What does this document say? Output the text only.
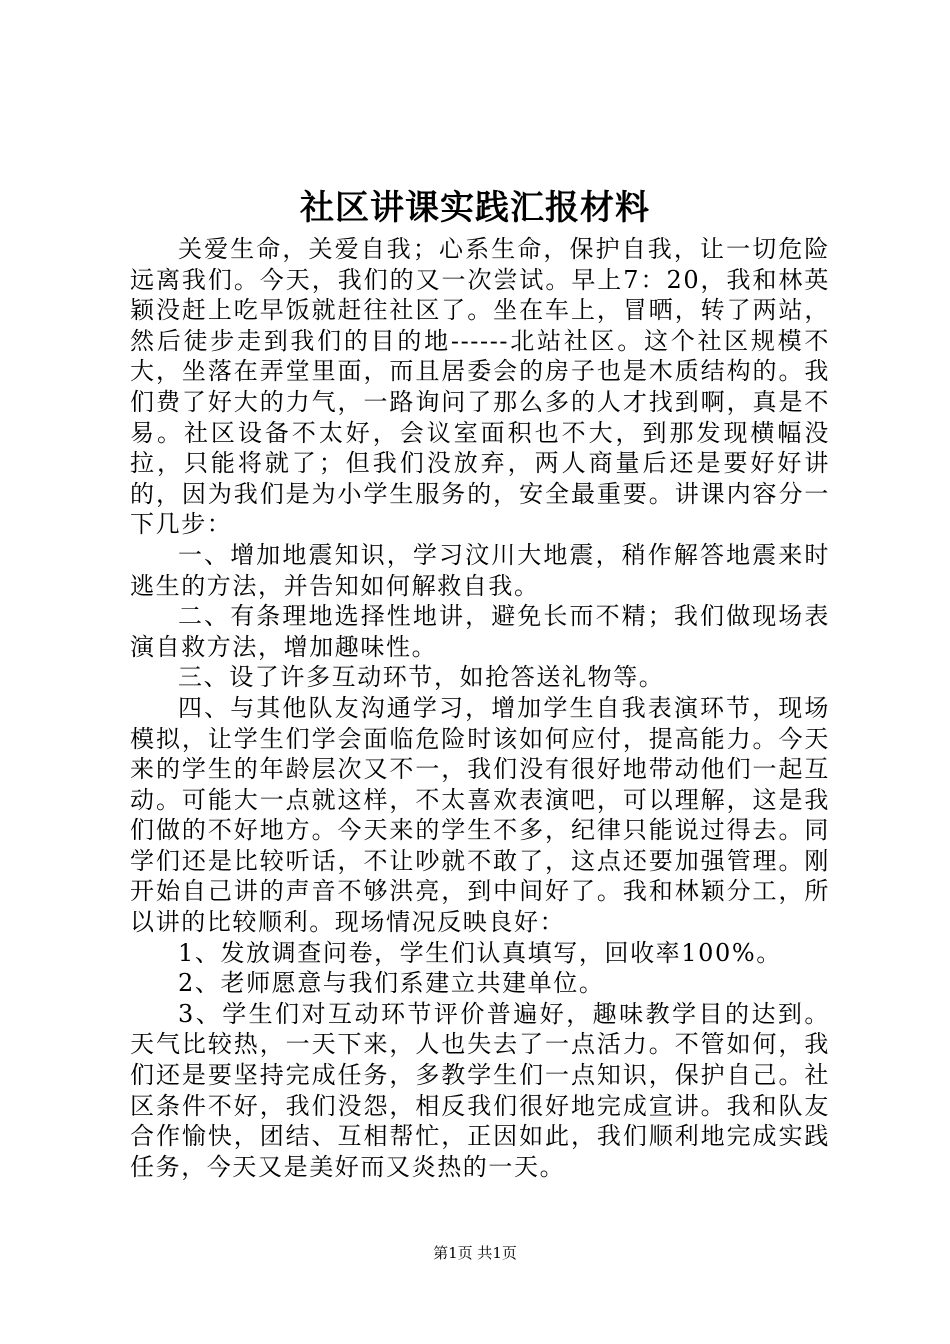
社区讲课实践汇报材料

关爱生命，关爱自我；心系生命，保护自我，让一切危险远离我们。今天，我们的又一次尝试。早上7：20，我和林英颖没赶上吃早饭就赶往社区了。坐在车上，冒晒，转了两站，然后徒步走到我们的目的地------北站社区。这个社区规模不大，坐落在弄堂里面，而且居委会的房子也是木质结构的。我们费了好大的力气，一路询问了那么多的人才找到啊，真是不易。社区设备不太好，会议室面积也不大，到那发现横幅没拉，只能将就了；但我们没放弃，两人商量后还是要好好讲的，因为我们是为小学生服务的，安全最重要。讲课内容分一下几步：

一、增加地震知识，学习汶川大地震，稍作解答地震来时逃生的方法，并告知如何解救自我。

二、有条理地选择性地讲，避免长而不精；我们做现场表演自救方法，增加趣味性。

三、设了许多互动环节，如抢答送礼物等。

四、与其他队友沟通学习，增加学生自我表演环节，现场模拟，让学生们学会面临危险时该如何应付，提高能力。今天来的学生的年龄层次又不一，我们没有很好地带动他们一起互动。可能大一点就这样，不太喜欢表演吧，可以理解，这是我们做的不好地方。今天来的学生不多，纪律只能说过得去。同学们还是比较听话，不让吵就不敢了，这点还要加强管理。刚开始自己讲的声音不够洪亮，到中间好了。我和林颖分工，所以讲的比较顺利。现场情况反映良好：

1、发放调查问卷，学生们认真填写，回收率100%。

2、老师愿意与我们系建立共建单位。

3、学生们对互动环节评价普遍好，趣味教学目的达到。天气比较热，一天下来，人也失去了一点活力。不管如何，我们还是要坚持完成任务，多教学生们一点知识，保护自己。社区条件不好，我们没怨，相反我们很好地完成宣讲。我和队友合作愉快，团结、互相帮忙，正因如此，我们顺利地完成实践任务，今天又是美好而又炎热的一天。

第1页 共1页
